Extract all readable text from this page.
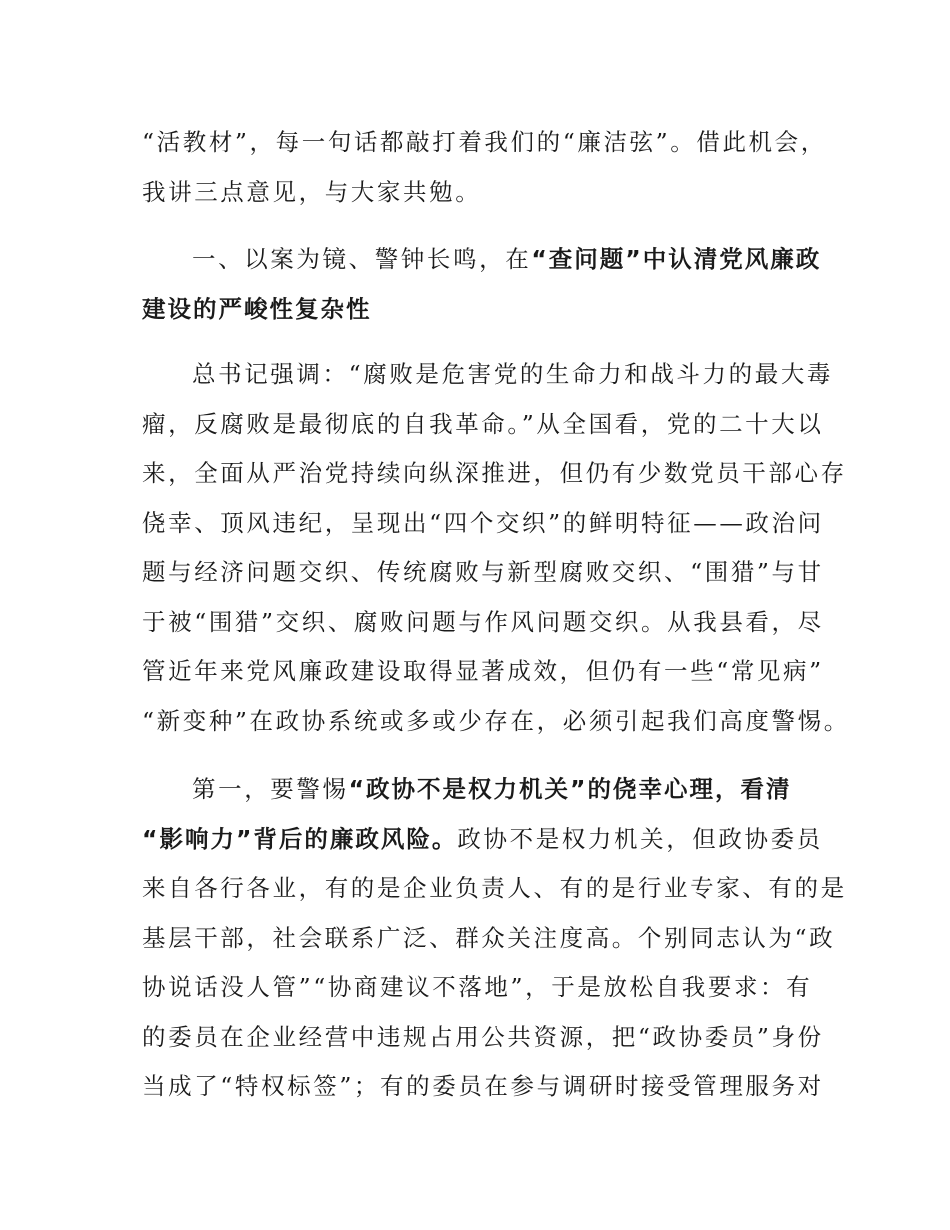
“活教材”，每一句话都敲打着我们的“廉洁弦”。借此机会，
我讲三点意见，与大家共勉。
一、以案为镜、警钟长鸣，在“查问题”中认清党风廉政
建设的严峻性复杂性
总书记强调：“腐败是危害党的生命力和战斗力的最大毒
瘤，反腐败是最彻底的自我革命。”从全国看，党的二十大以
来，全面从严治党持续向纵深推进，但仍有少数党员干部心存
侥幸、顶风违纪，呈现出“四个交织”的鲜明特征——政治问
题与经济问题交织、传统腐败与新型腐败交织、“围猎”与甘
于被“围猎”交织、腐败问题与作风问题交织。从我县看，尽
管近年来党风廉政建设取得显著成效，但仍有一些“常见病”
“新变种”在政协系统或多或少存在，必须引起我们高度警惕。
第一，要警惕“政协不是权力机关”的侥幸心理，看清
“影响力”背后的廉政风险。政协不是权力机关，但政协委员
来自各行各业，有的是企业负责人、有的是行业专家、有的是
基层干部，社会联系广泛、群众关注度高。个别同志认为“政
协说话没人管”“协商建议不落地”，于是放松自我要求：有
的委员在企业经营中违规占用公共资源，把“政协委员”身份
当成了“特权标签”；有的委员在参与调研时接受管理服务对
